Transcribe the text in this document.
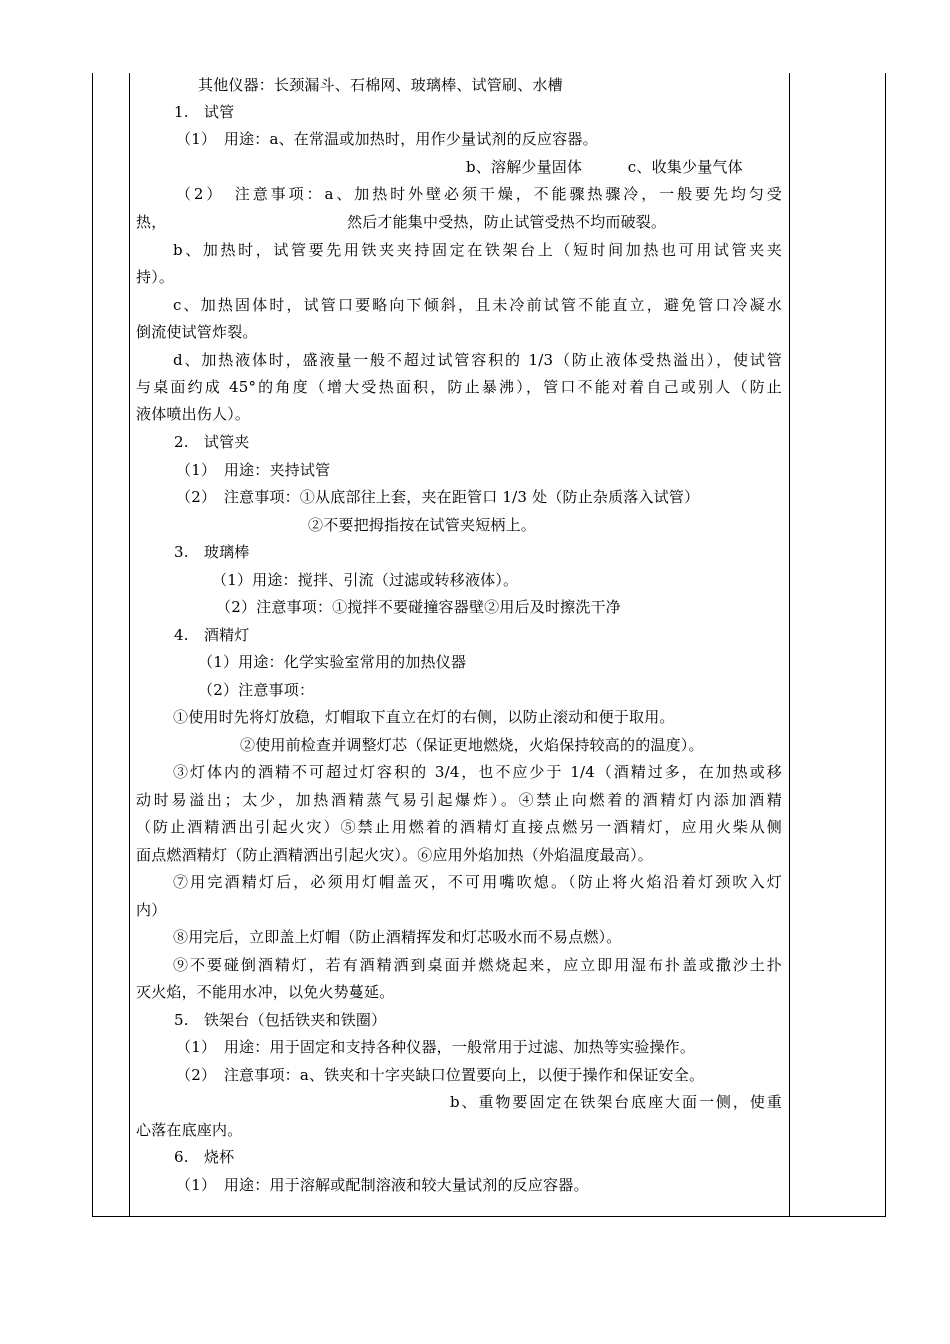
其他仪器：长颈漏斗、石棉网、玻璃棒、试管刷、水槽
1.　试管
（1）　用途：a、在常温或加热时，用作少量试剂的反应容器。
b、溶解少量固体　　　c、收集少量气体
（2）　注意事项：a、加热时外壁必须干燥，不能骤热骤冷，一般要先均匀受
热，	然后才能集中受热，防止试管受热不均而破裂。
b、加热时，试管要先用铁夹夹持固定在铁架台上（短时间加热也可用试管夹夹
持）。
c、加热固体时，试管口要略向下倾斜，且未冷前试管不能直立，避免管口冷凝水
倒流使试管炸裂。
d、加热液体时，盛液量一般不超过试管容积的 1/3（防止液体受热溢出），使试管
与桌面约成 45°的角度（增大受热面积，防止暴沸），管口不能对着自己或别人（防止
液体喷出伤人）。
2.　试管夹
（1）　用途：夹持试管
（2）　注意事项：①从底部往上套，夹在距管口 1/3 处（防止杂质落入试管）
②不要把拇指按在试管夹短柄上。
3.　玻璃棒
（1）用途：搅拌、引流（过滤或转移液体）。
（2）注意事项：①搅拌不要碰撞容器壁②用后及时擦洗干净
4.　酒精灯
（1）用途：化学实验室常用的加热仪器
（2）注意事项：
①使用时先将灯放稳，灯帽取下直立在灯的右侧，以防止滚动和便于取用。
②使用前检查并调整灯芯（保证更地燃烧，火焰保持较高的的温度）。
③灯体内的酒精不可超过灯容积的 3/4，也不应少于 1/4（酒精过多，在加热或移
动时易溢出；太少，加热酒精蒸气易引起爆炸）。④禁止向燃着的酒精灯内添加酒精
（防止酒精洒出引起火灾）⑤禁止用燃着的酒精灯直接点燃另一酒精灯，应用火柴从侧
面点燃酒精灯（防止酒精洒出引起火灾）。⑥应用外焰加热（外焰温度最高）。
⑦用完酒精灯后，必须用灯帽盖灭，不可用嘴吹熄。（防止将火焰沿着灯颈吹入灯
内）
⑧用完后，立即盖上灯帽（防止酒精挥发和灯芯吸水而不易点燃）。
⑨不要碰倒酒精灯，若有酒精洒到桌面并燃烧起来，应立即用湿布扑盖或撒沙土扑
灭火焰，不能用水冲，以免火势蔓延。
5.　铁架台（包括铁夹和铁圈）
（1）　用途：用于固定和支持各种仪器，一般常用于过滤、加热等实验操作。
（2）　注意事项：a、铁夹和十字夹缺口位置要向上，以便于操作和保证安全。
b、重物要固定在铁架台底座大面一侧，使重
心落在底座内。
6.　烧杯
（1）　用途：用于溶解或配制溶液和较大量试剂的反应容器。
